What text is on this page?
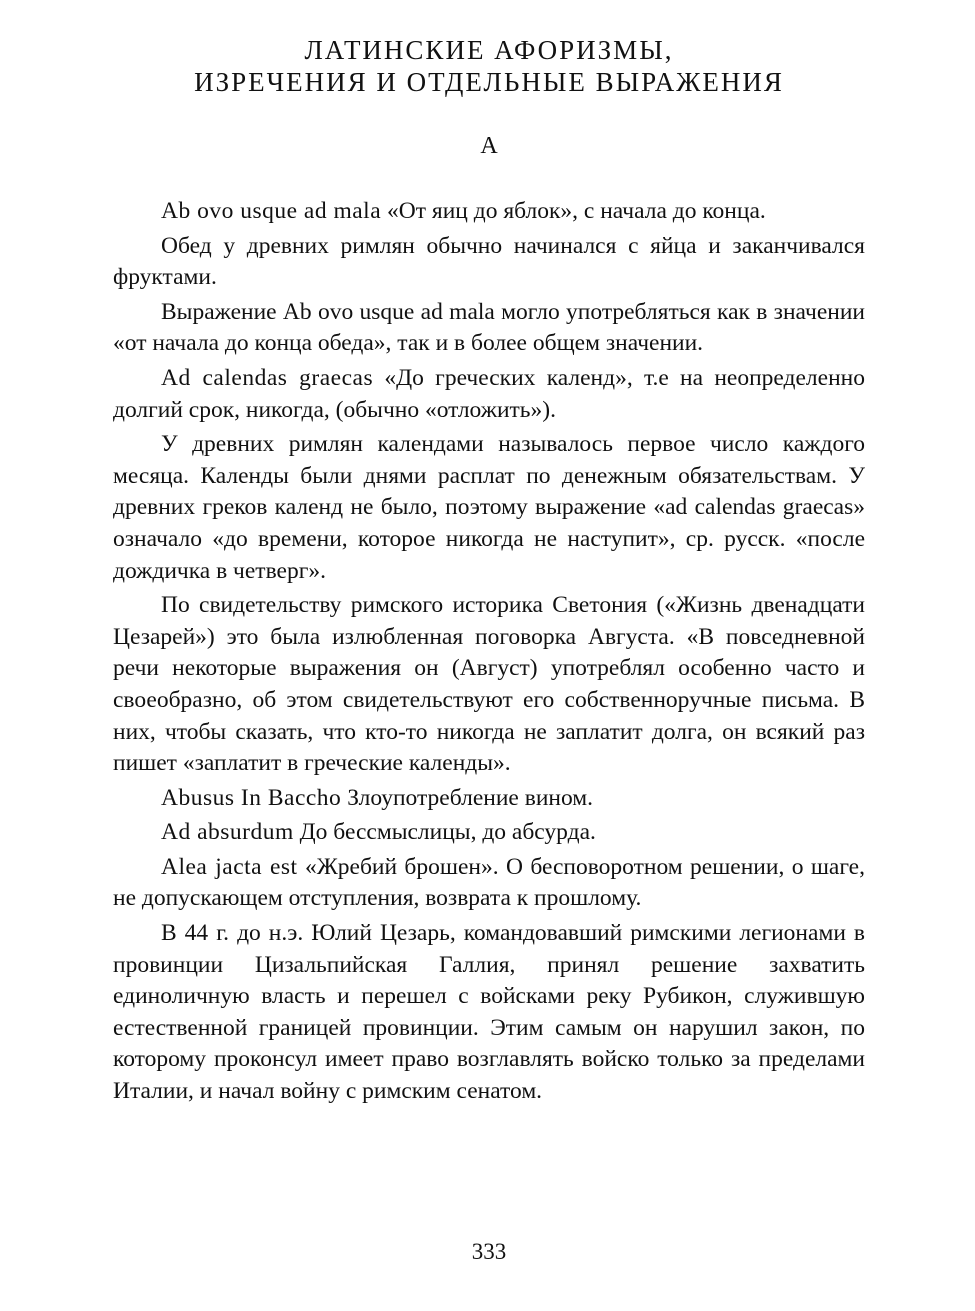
ЛАТИНСКИЕ АФОРИЗМЫ,
ИЗРЕЧЕНИЯ И ОТДЕЛЬНЫЕ ВЫРАЖЕНИЯ
А

Ab ovo usque ad mala «От яиц до яблок», с начала до конца.

Обед у древних римлян обычно начинался с яйца и заканчивался фруктами.

Выражение Ab ovo usque ad mala могло употребляться как в значении «от начала до конца обеда», так и в более общем значении.

Ad calendas graecas «До греческих календ», т.е на неопределенно долгий срок, никогда, (обычно «отложить»).

У древних римлян календами называлось первое число каждого месяца. Календы были днями расплат по денежным обязательствам. У древних греков календ не было, поэтому выражение «ad calendas graecas» означало «до времени, которое никогда не наступит», ср. русск. «после дождичка в четверг».

По свидетельству римского историка Светония («Жизнь двенадцати Цезарей») это была излюбленная поговорка Августа. «В повседневной речи некоторые выражения он (Август) употреблял особенно часто и своеобразно, об этом свидетельствуют его собственноручные письма. В них, чтобы сказать, что кто-то никогда не заплатит долга, он всякий раз пишет «заплатит в греческие календы».

Abusus In Baccho Злоупотребление вином.

Ad absurdum До бессмыслицы, до абсурда.

Alea jacta est «Жребий брошен». О бесповоротном решении, о шаге, не допускающем отступления, возврата к прошлому.

В 44 г. до н.э. Юлий Цезарь, командовавший римскими легионами в провинции Цизальпийская Галлия, принял решение захватить единоличную власть и перешел с войсками реку Рубикон, служившую естественной границей провинции. Этим самым он нарушил закон, по которому проконсул имеет право возглавлять войско только за пределами Италии, и начал войну с римским сенатом.

333
